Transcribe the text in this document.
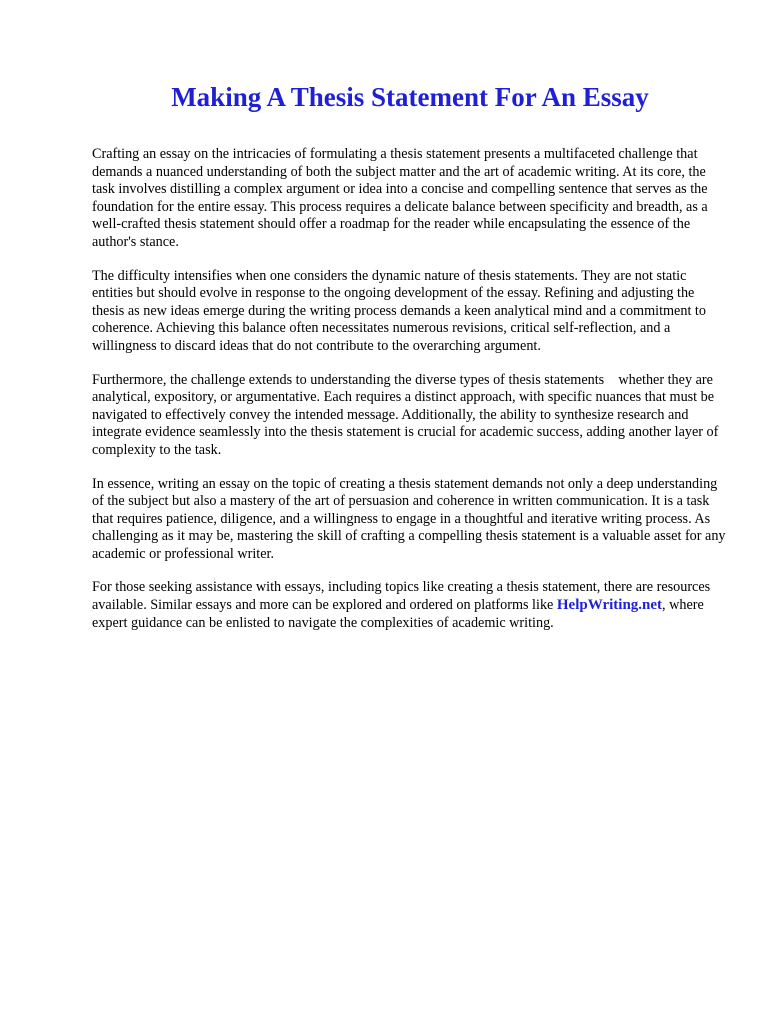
Making A Thesis Statement For An Essay

Crafting an essay on the intricacies of formulating a thesis statement presents a multifaceted challenge that demands a nuanced understanding of both the subject matter and the art of academic writing. At its core, the task involves distilling a complex argument or idea into a concise and compelling sentence that serves as the foundation for the entire essay. This process requires a delicate balance between specificity and breadth, as a well-crafted thesis statement should offer a roadmap for the reader while encapsulating the essence of the author's stance.

The difficulty intensifies when one considers the dynamic nature of thesis statements. They are not static entities but should evolve in response to the ongoing development of the essay. Refining and adjusting the thesis as new ideas emerge during the writing process demands a keen analytical mind and a commitment to coherence. Achieving this balance often necessitates numerous revisions, critical self-reflection, and a willingness to discard ideas that do not contribute to the overarching argument.

Furthermore, the challenge extends to understanding the diverse types of thesis statements    whether they are analytical, expository, or argumentative. Each requires a distinct approach, with specific nuances that must be navigated to effectively convey the intended message. Additionally, the ability to synthesize research and integrate evidence seamlessly into the thesis statement is crucial for academic success, adding another layer of complexity to the task.

In essence, writing an essay on the topic of creating a thesis statement demands not only a deep understanding of the subject but also a mastery of the art of persuasion and coherence in written communication. It is a task that requires patience, diligence, and a willingness to engage in a thoughtful and iterative writing process. As challenging as it may be, mastering the skill of crafting a compelling thesis statement is a valuable asset for any academic or professional writer.

For those seeking assistance with essays, including topics like creating a thesis statement, there are resources available. Similar essays and more can be explored and ordered on platforms like HelpWriting.net, where expert guidance can be enlisted to navigate the complexities of academic writing.
